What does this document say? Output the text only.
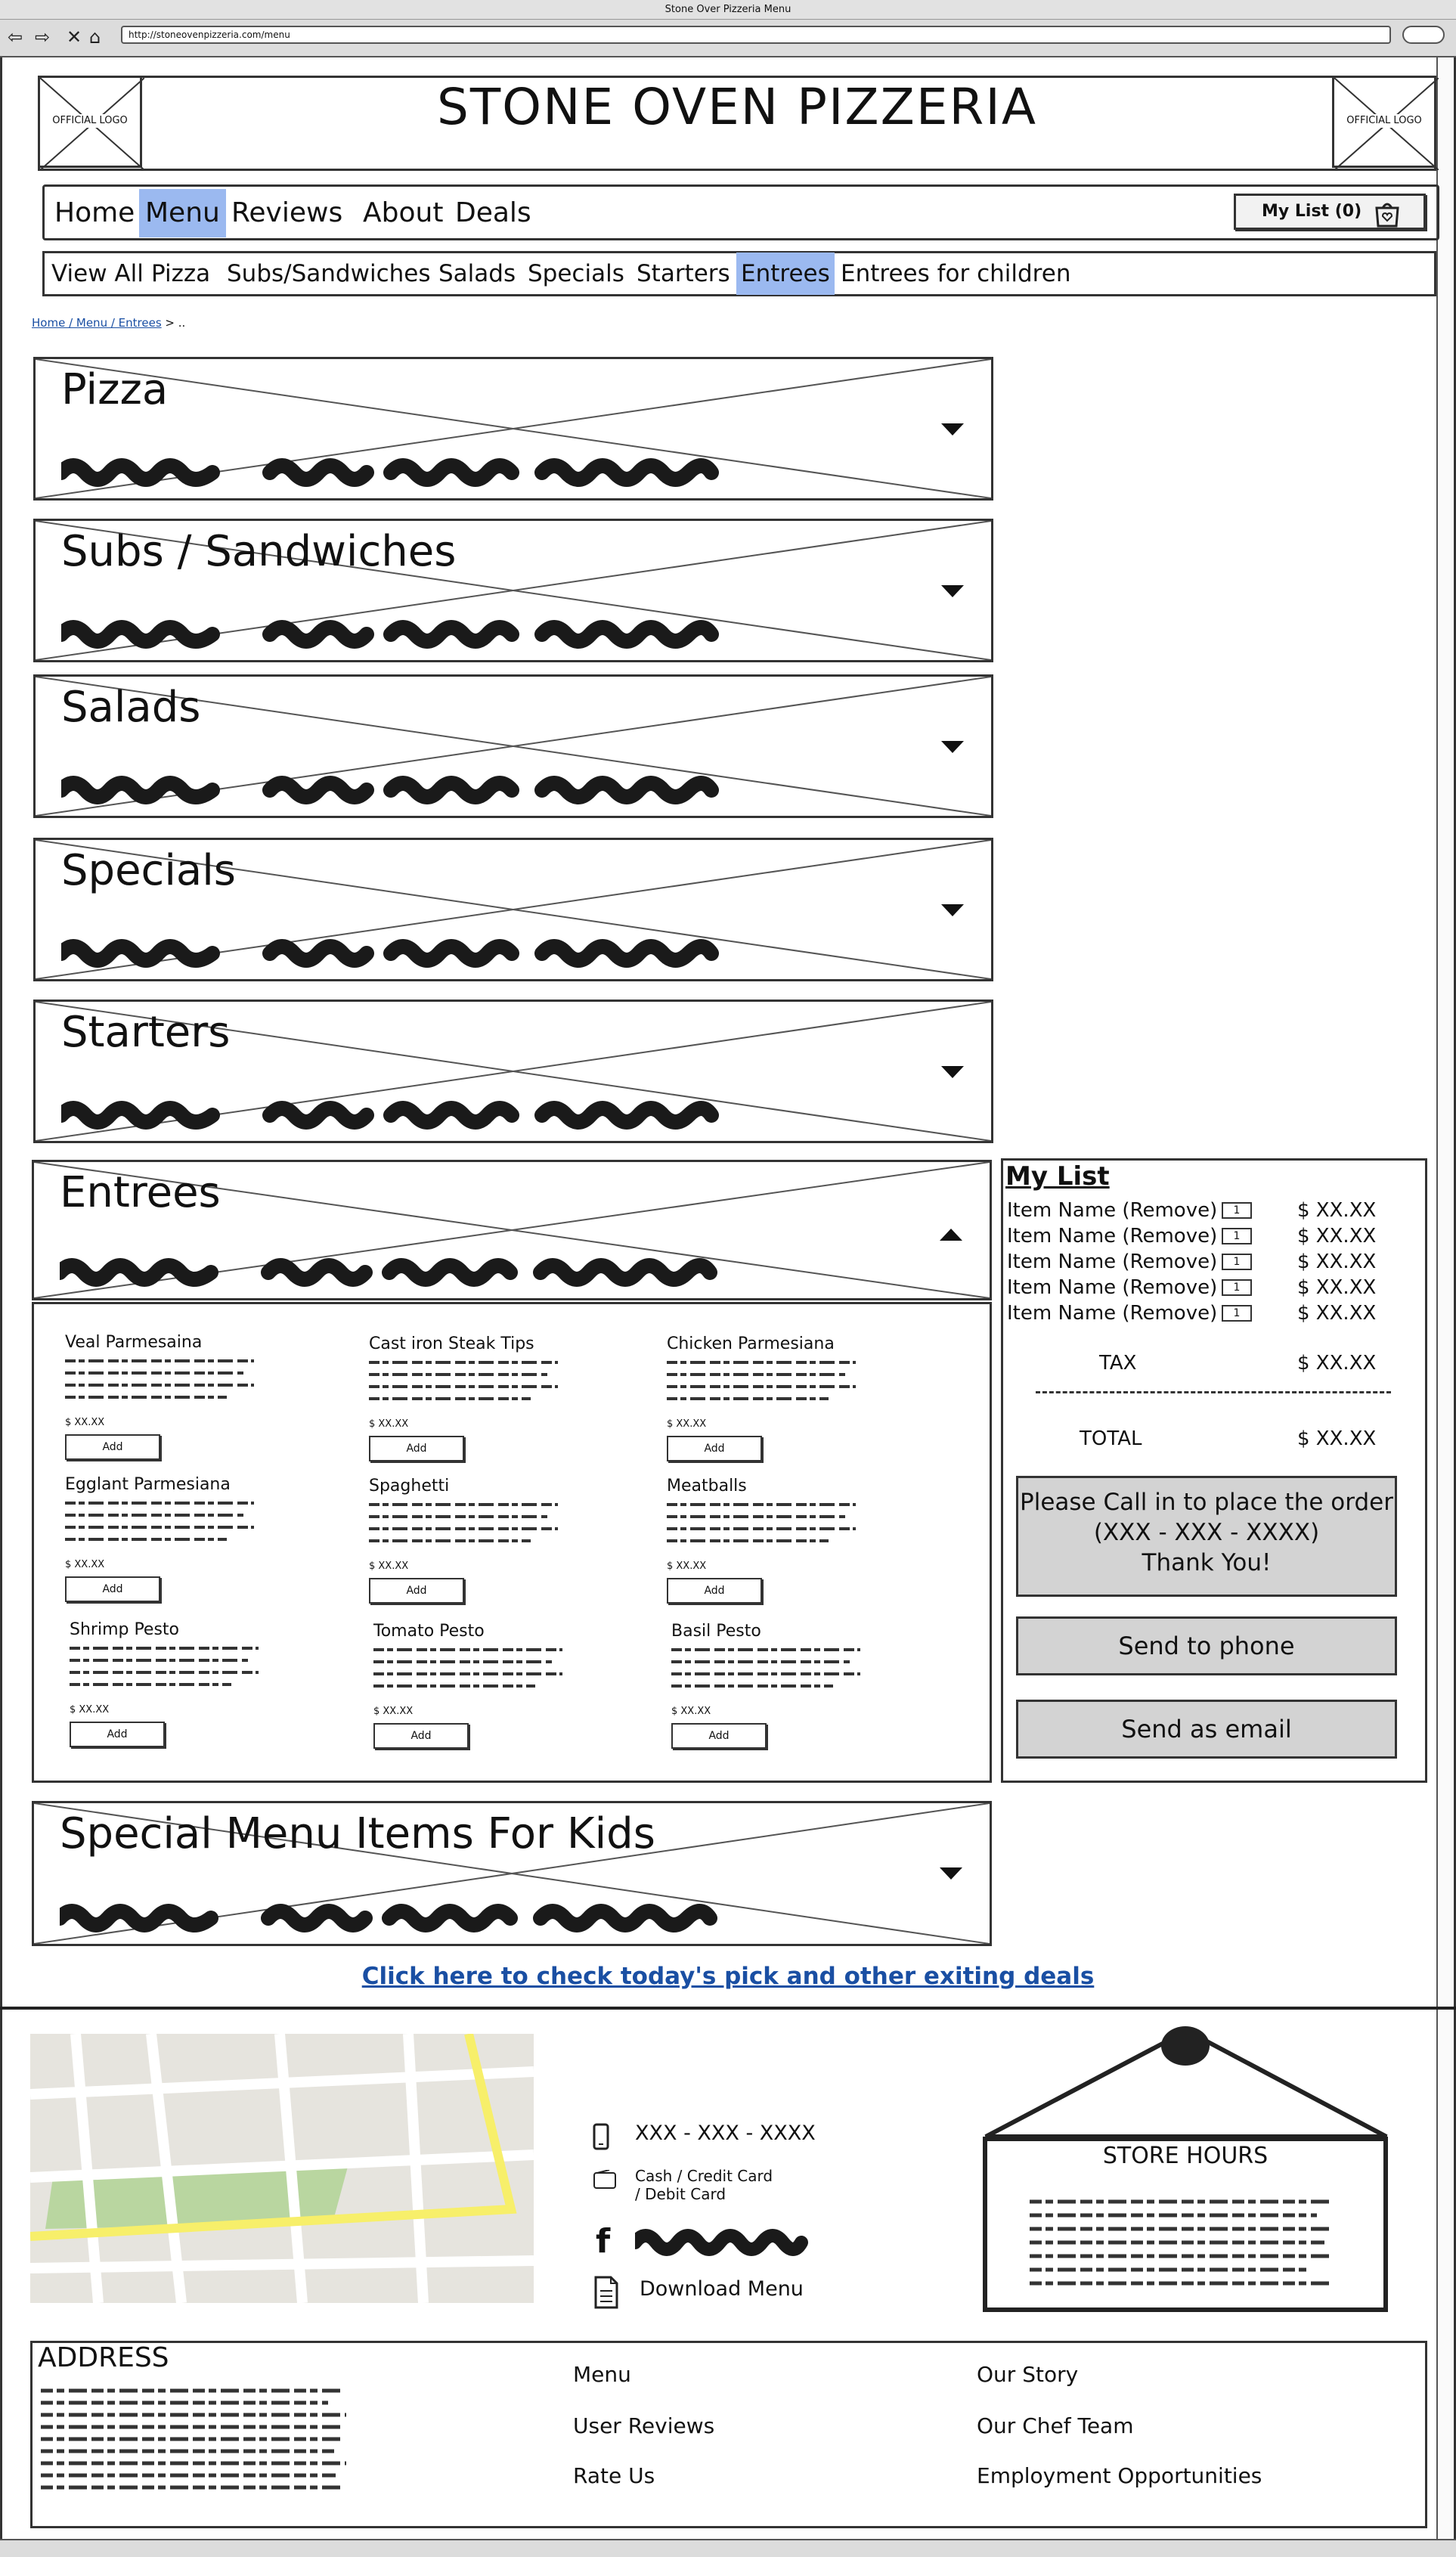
Stone Over Pizzeria Menu
⇦ ⇨ ✕ ⌂	http://stoneovenpizzeria.com/menu
OFFICIAL LOGO	OFFICIAL LOGO
STONE OVEN PIZZERIA
Home Menu Reviews About Deals	My List (0)
View All Pizza Subs/Sandwiches Salads Specials Starters Entrees Entrees for children
Home / Menu / Entrees > ..
Pizza
Subs / Sandwiches
Salads
Specials
Starters
Entrees
Veal Parmesaina
$ XX.XX
Add
Cast iron Steak Tips
$ XX.XX
Add
Chicken Parmesiana
$ XX.XX
Add
Egglant Parmesiana
$ XX.XX
Add
Spaghetti
$ XX.XX
Add
Meatballs
$ XX.XX
Add
Shrimp Pesto
$ XX.XX
Add
Tomato Pesto
$ XX.XX
Add
Basil Pesto
$ XX.XX
Add
Special Menu Items For Kids
My List
Item Name (Remove)	1	$ XX.XX
Item Name (Remove)	1	$ XX.XX
Item Name (Remove)	1	$ XX.XX
Item Name (Remove)	1	$ XX.XX
Item Name (Remove)	1	$ XX.XX
TAX	$ XX.XX
TOTAL	$ XX.XX
Please Call in to place the order
(XXX - XXX - XXXX)
Thank You!
Send to phone
Send as email
Click here to check today's pick and other exiting deals
XXX - XXX - XXXX
Cash / Credit Card
/ Debit Card
f
Download Menu
STORE HOURS
ADDRESS
Menu
User Reviews
Rate Us
Our Story
Our Chef Team
Employment Opportunities
